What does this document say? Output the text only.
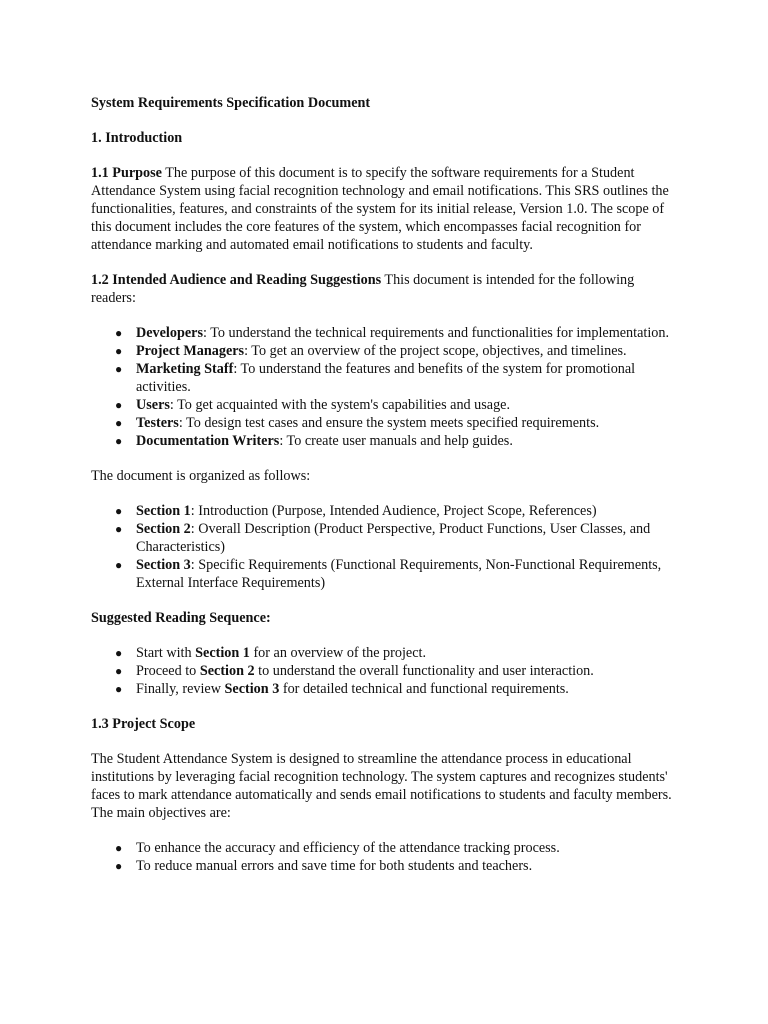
System Requirements Specification Document

1. Introduction

1.1 Purpose The purpose of this document is to specify the software requirements for a Student Attendance System using facial recognition technology and email notifications. This SRS outlines the functionalities, features, and constraints of the system for its initial release, Version 1.0. The scope of this document includes the core features of the system, which encompasses facial recognition for attendance marking and automated email notifications to students and faculty.

1.2 Intended Audience and Reading Suggestions This document is intended for the following readers:

● Developers: To understand the technical requirements and functionalities for implementation.
● Project Managers: To get an overview of the project scope, objectives, and timelines.
● Marketing Staff: To understand the features and benefits of the system for promotional activities.
● Users: To get acquainted with the system's capabilities and usage.
● Testers: To design test cases and ensure the system meets specified requirements.
● Documentation Writers: To create user manuals and help guides.

The document is organized as follows:

● Section 1: Introduction (Purpose, Intended Audience, Project Scope, References)
● Section 2: Overall Description (Product Perspective, Product Functions, User Classes, and Characteristics)
● Section 3: Specific Requirements (Functional Requirements, Non-Functional Requirements, External Interface Requirements)

Suggested Reading Sequence:

● Start with Section 1 for an overview of the project.
● Proceed to Section 2 to understand the overall functionality and user interaction.
● Finally, review Section 3 for detailed technical and functional requirements.

1.3 Project Scope

The Student Attendance System is designed to streamline the attendance process in educational institutions by leveraging facial recognition technology. The system captures and recognizes students' faces to mark attendance automatically and sends email notifications to students and faculty members. The main objectives are:

● To enhance the accuracy and efficiency of the attendance tracking process.
● To reduce manual errors and save time for both students and teachers.
